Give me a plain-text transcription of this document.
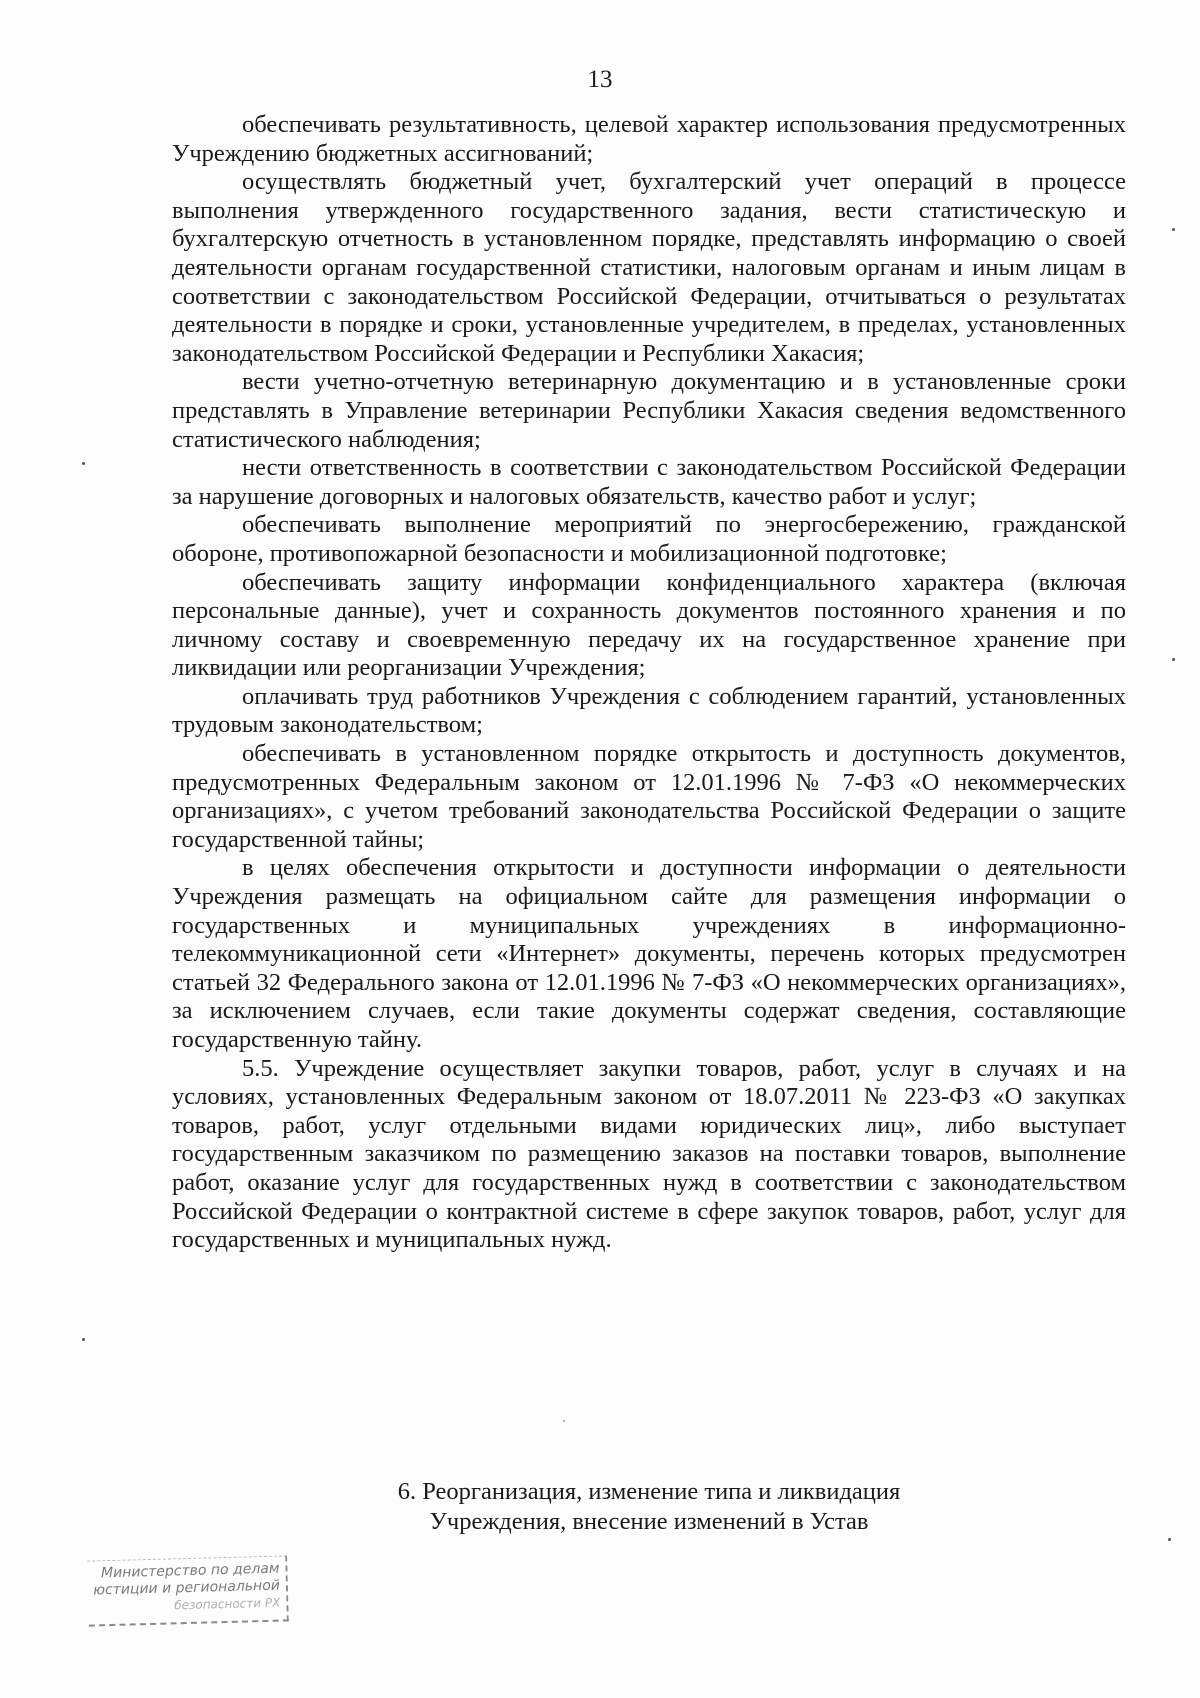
13

обеспечивать результативность, целевой характер использования предусмотренных Учреждению бюджетных ассигнований;

осуществлять бюджетный учет, бухгалтерский учет операций в процессе выполнения утвержденного государственного задания, вести статистическую и бухгалтерскую отчетность в установленном порядке, представлять информацию о своей деятельности органам государственной статистики, налоговым органам и иным лицам в соответствии с законодательством Российской Федерации, отчитываться о результатах деятельности в порядке и сроки, установленные учредителем, в пределах, установленных законодательством Российской Федерации и Республики Хакасия;

вести учетно-отчетную ветеринарную документацию и в установленные сроки представлять в Управление ветеринарии Республики Хакасия сведения ведомственного статистического наблюдения;

нести ответственность в соответствии с законодательством Российской Федерации за нарушение договорных и налоговых обязательств, качество работ и услуг;

обеспечивать выполнение мероприятий по энергосбережению, гражданской обороне, противопожарной безопасности и мобилизационной подготовке;

обеспечивать защиту информации конфиденциального характера (включая персональные данные), учет и сохранность документов постоянного хранения и по личному составу и своевременную передачу их на государственное хранение при ликвидации или реорганизации Учреждения;

оплачивать труд работников Учреждения с соблюдением гарантий, установленных трудовым законодательством;

обеспечивать в установленном порядке открытость и доступность документов, предусмотренных Федеральным законом от 12.01.1996 № 7-ФЗ «О некоммерческих организациях», с учетом требований законодательства Российской Федерации о защите государственной тайны;

в целях обеспечения открытости и доступности информации о деятельности Учреждения размещать на официальном сайте для размещения информации о государственных и муниципальных учреждениях в информационно-телекоммуникационной сети «Интернет» документы, перечень которых предусмотрен статьей 32 Федерального закона от 12.01.1996 № 7-ФЗ «О некоммерческих организациях», за исключением случаев, если такие документы содержат сведения, составляющие государственную тайну.

5.5. Учреждение осуществляет закупки товаров, работ, услуг в случаях и на условиях, установленных Федеральным законом от 18.07.2011 № 223-ФЗ «О закупках товаров, работ, услуг отдельными видами юридических лиц», либо выступает государственным заказчиком по размещению заказов на поставки товаров, выполнение работ, оказание услуг для государственных нужд в соответствии с законодательством Российской Федерации о контрактной системе в сфере закупок товаров, работ, услуг для государственных и муниципальных нужд.

6. Реорганизация, изменение типа и ликвидация
Учреждения, внесение изменений в Устав
Министерство по делам
юстиции и региональной
безопасности РХ
